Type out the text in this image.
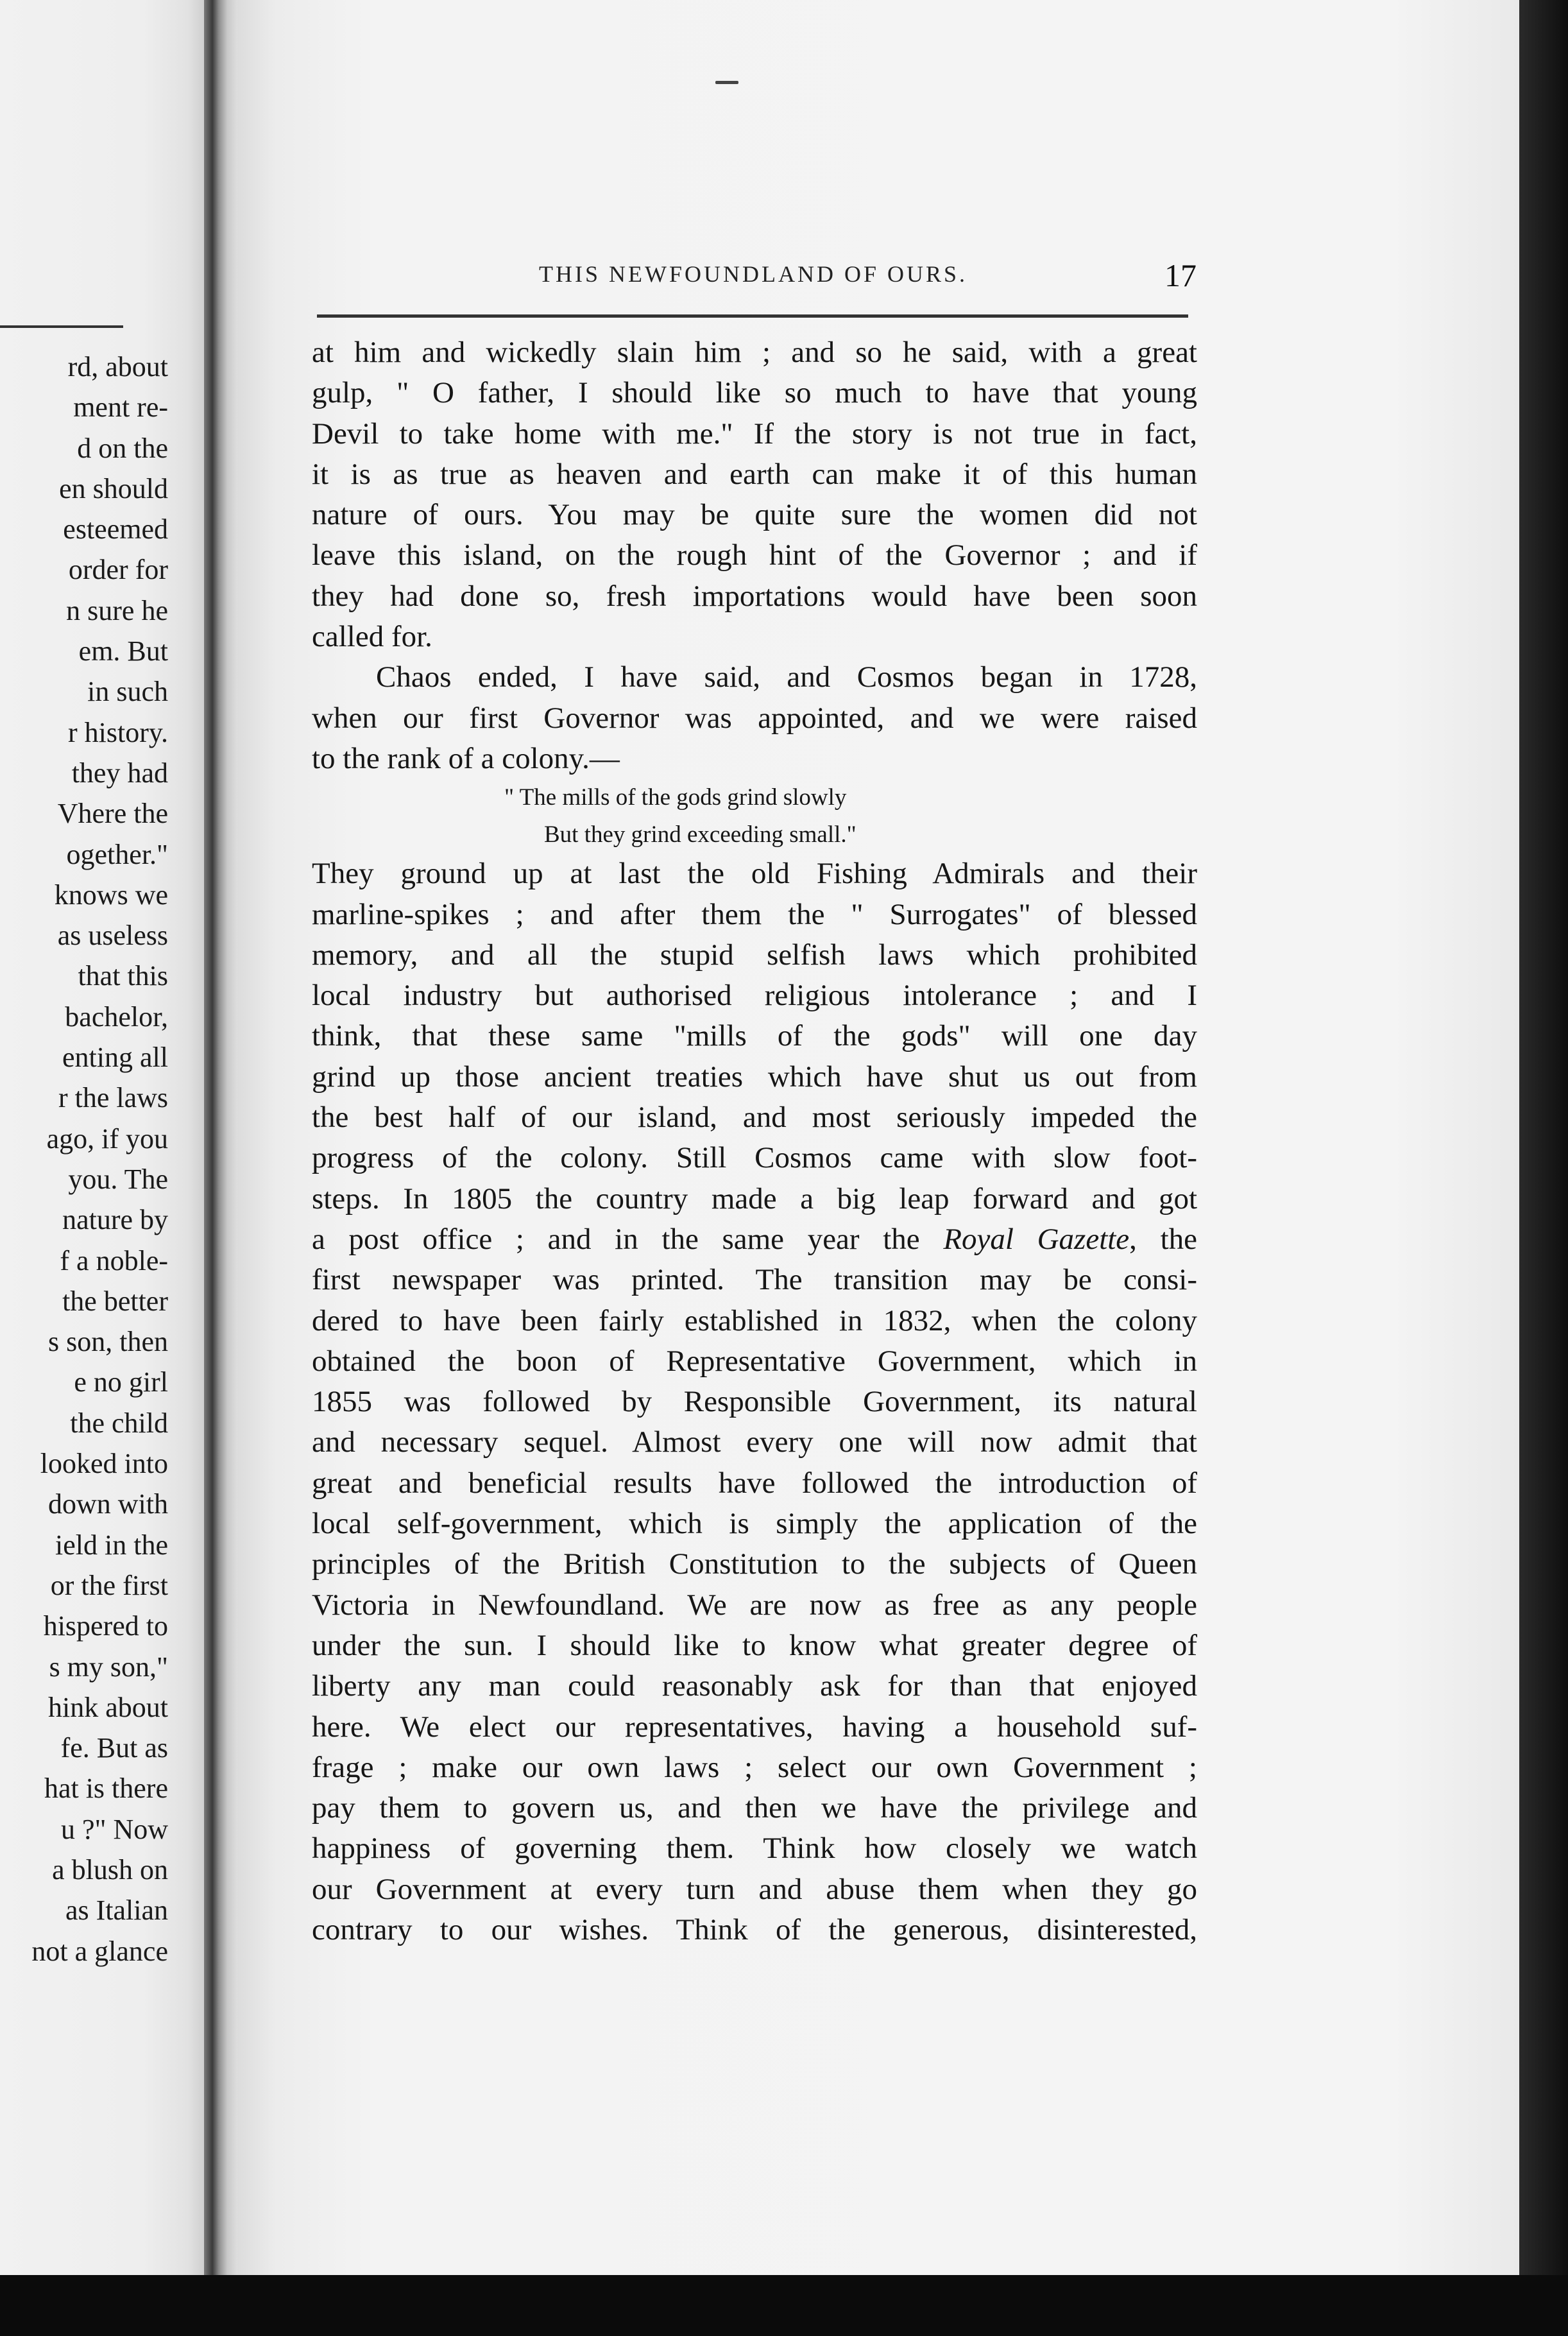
rd, about
ment re-
d on the
en should
esteemed
order for
n sure he
em. But
in such
r history.
they had
Vhere the
ogether."
knows we
as useless
that this
bachelor,
enting all
r the laws
ago, if you
you. The
nature by
f a noble-
the better
s son, then
e no girl
the child
looked into
down with
ield in the
or the first
hispered to
s my son,"
hink about
fe. But as
hat is there
u ?" Now
a blush on
as Italian
not a glance
THIS NEWFOUNDLAND OF OURS.	17
at him and wickedly slain him ; and so he said, with a great
gulp, " O father, I should like so much to have that young
Devil to take home with me." If the story is not true in fact,
it is as true as heaven and earth can make it of this human
nature of ours. You may be quite sure the women did not
leave this island, on the rough hint of the Governor ; and if
they had done so, fresh importations would have been soon
called for.
Chaos ended, I have said, and Cosmos began in 1728,
when our first Governor was appointed, and we were raised
to the rank of a colony.—
" The mills of the gods grind slowly
But they grind exceeding small."
They ground up at last the old Fishing Admirals and their
marline-spikes ; and after them the " Surrogates" of blessed
memory, and all the stupid selfish laws which prohibited
local industry but authorised religious intolerance ; and I
think, that these same "mills of the gods" will one day
grind up those ancient treaties which have shut us out from
the best half of our island, and most seriously impeded the
progress of the colony. Still Cosmos came with slow foot-
steps. In 1805 the country made a big leap forward and got
a post office ; and in the same year the Royal Gazette, the
first newspaper was printed. The transition may be consi-
dered to have been fairly established in 1832, when the colony
obtained the boon of Representative Government, which in
1855 was followed by Responsible Government, its natural
and necessary sequel. Almost every one will now admit that
great and beneficial results have followed the introduction of
local self-government, which is simply the application of the
principles of the British Constitution to the subjects of Queen
Victoria in Newfoundland. We are now as free as any people
under the sun. I should like to know what greater degree of
liberty any man could reasonably ask for than that enjoyed
here. We elect our representatives, having a household suf-
frage ; make our own laws ; select our own Government ;
pay them to govern us, and then we have the privilege and
happiness of governing them. Think how closely we watch
our Government at every turn and abuse them when they go
contrary to our wishes. Think of the generous, disinterested,
